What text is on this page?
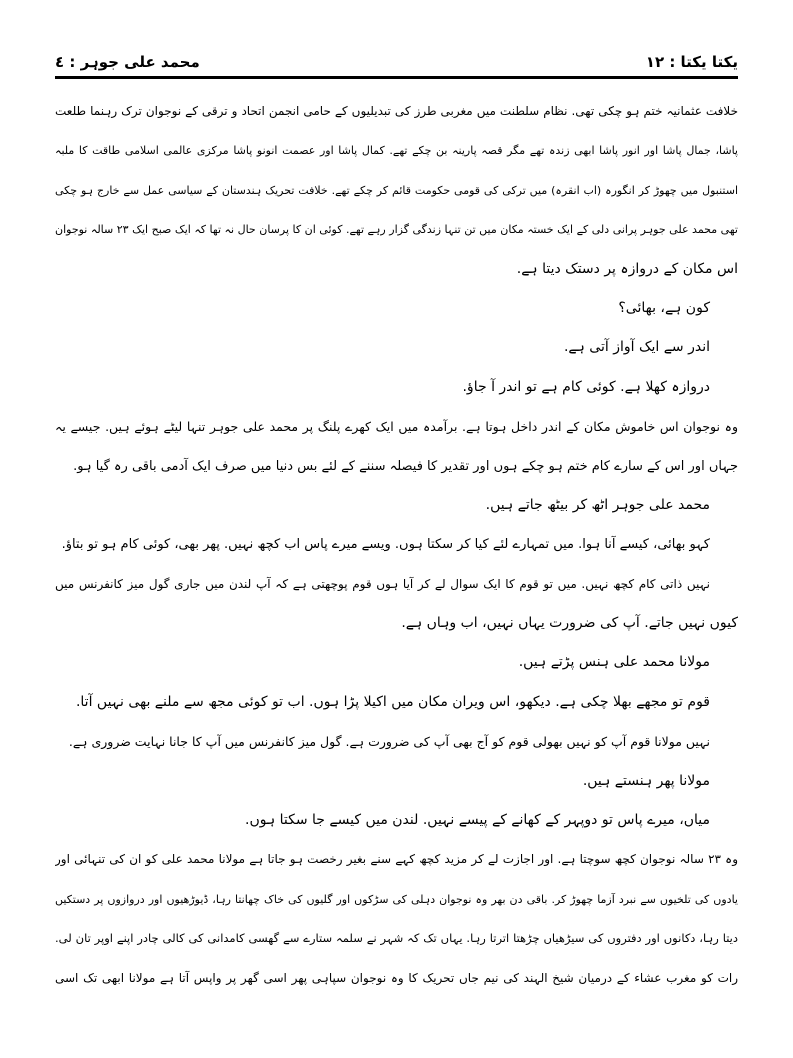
محمد علی جوہر : ٤	یکتا یکتا : ۱۲
خلافت عثمانیہ ختم ہو چکی تھی. نظام سلطنت میں مغربی طرز کی تبدیلیوں کے حامی انجمن اتحاد و ترقی کے نوجوان ترک رہنما طلعت
پاشا، جمال پاشا اور انور پاشا ابھی زندہ تھے مگر قصہ پارینہ بن چکے تھے. کمال پاشا اور عصمت انونو پاشا مرکزی عالمی اسلامی طاقت کا ملبہ
استنبول میں چھوڑ کر انگورہ (اب انقرہ) میں ترکی کی قومی حکومت قائم کر چکے تھے. خلافت تحریک ہندستان کے سیاسی عمل سے خارج ہو چکی
تھی محمد علی جوہر پرانی دلی کے ایک خستہ مکان میں تن تنہا زندگی گزار رہے تھے. کوئی ان کا پرسان حال نہ تھا کہ ایک صبح ایک ۲۳ سالہ نوجوان
اس مکان کے دروازہ پر دستک دیتا ہے.
کون ہے، بھائی؟
اندر سے ایک آواز آتی ہے.
دروازہ کھلا ہے. کوئی کام ہے تو اندر آ جاؤ.
وہ نوجوان اس خاموش مکان کے اندر داخل ہوتا ہے. برآمدہ میں ایک کھرے پلنگ پر محمد علی جوہر تنہا لیٹے ہوئے ہیں. جیسے یہ
جہاں اور اس کے سارے کام ختم ہو چکے ہوں اور تقدیر کا فیصلہ سننے کے لئے بس دنیا میں صرف ایک آدمی باقی رہ گیا ہو.
محمد علی جوہر اٹھ کر بیٹھ جاتے ہیں.
کہو بھائی، کیسے آنا ہوا. میں تمہارے لئے کیا کر سکتا ہوں. ویسے میرے پاس اب کچھ نہیں. پھر بھی، کوئی کام ہو تو بتاؤ.
نہیں ذاتی کام کچھ نہیں. میں تو قوم کا ایک سوال لے کر آیا ہوں قوم پوچھتی ہے کہ آپ لندن میں جاری گول میز کانفرنس میں
کیوں نہیں جاتے. آپ کی ضرورت یہاں نہیں، اب وہاں ہے.
مولانا محمد علی ہنس پڑتے ہیں.
قوم تو مجھے بھلا چکی ہے. دیکھو، اس ویران مکان میں اکیلا پڑا ہوں. اب تو کوئی مجھ سے ملنے بھی نہیں آتا.
نہیں مولانا قوم آپ کو نہیں بھولی قوم کو آج بھی آپ کی ضرورت ہے. گول میز کانفرنس میں آپ کا جانا نہایت ضروری ہے.
مولانا پھر ہنستے ہیں.
میاں، میرے پاس تو دوپہر کے کھانے کے پیسے نہیں. لندن میں کیسے جا سکتا ہوں.
وہ ۲۳ سالہ نوجوان کچھ سوچتا ہے. اور اجازت لے کر مزید کچھ کہے سنے بغیر رخصت ہو جاتا ہے مولانا محمد علی کو ان کی تنہائی اور
یادوں کی تلخیوں سے نبرد آزما چھوڑ کر. باقی دن بھر وہ نوجوان دہلی کی سڑکوں اور گلیوں کی خاک چھانتا رہا، ڈیوڑھیوں اور دروازوں پر دستکیں
دیتا رہا، دکانوں اور دفتروں کی سیڑھیاں چڑھتا اترتا رہا. یہاں تک کہ شہر نے سلمہ ستارے سے گھسی کامدانی کی کالی چادر اپنے اوپر تان لی.
رات کو مغرب عشاء کے درمیان شیخ الہند کی نیم جاں تحریک کا وہ نوجوان سپاہی پھر اسی گھر پر واپس آتا ہے مولانا ابھی تک اسی
